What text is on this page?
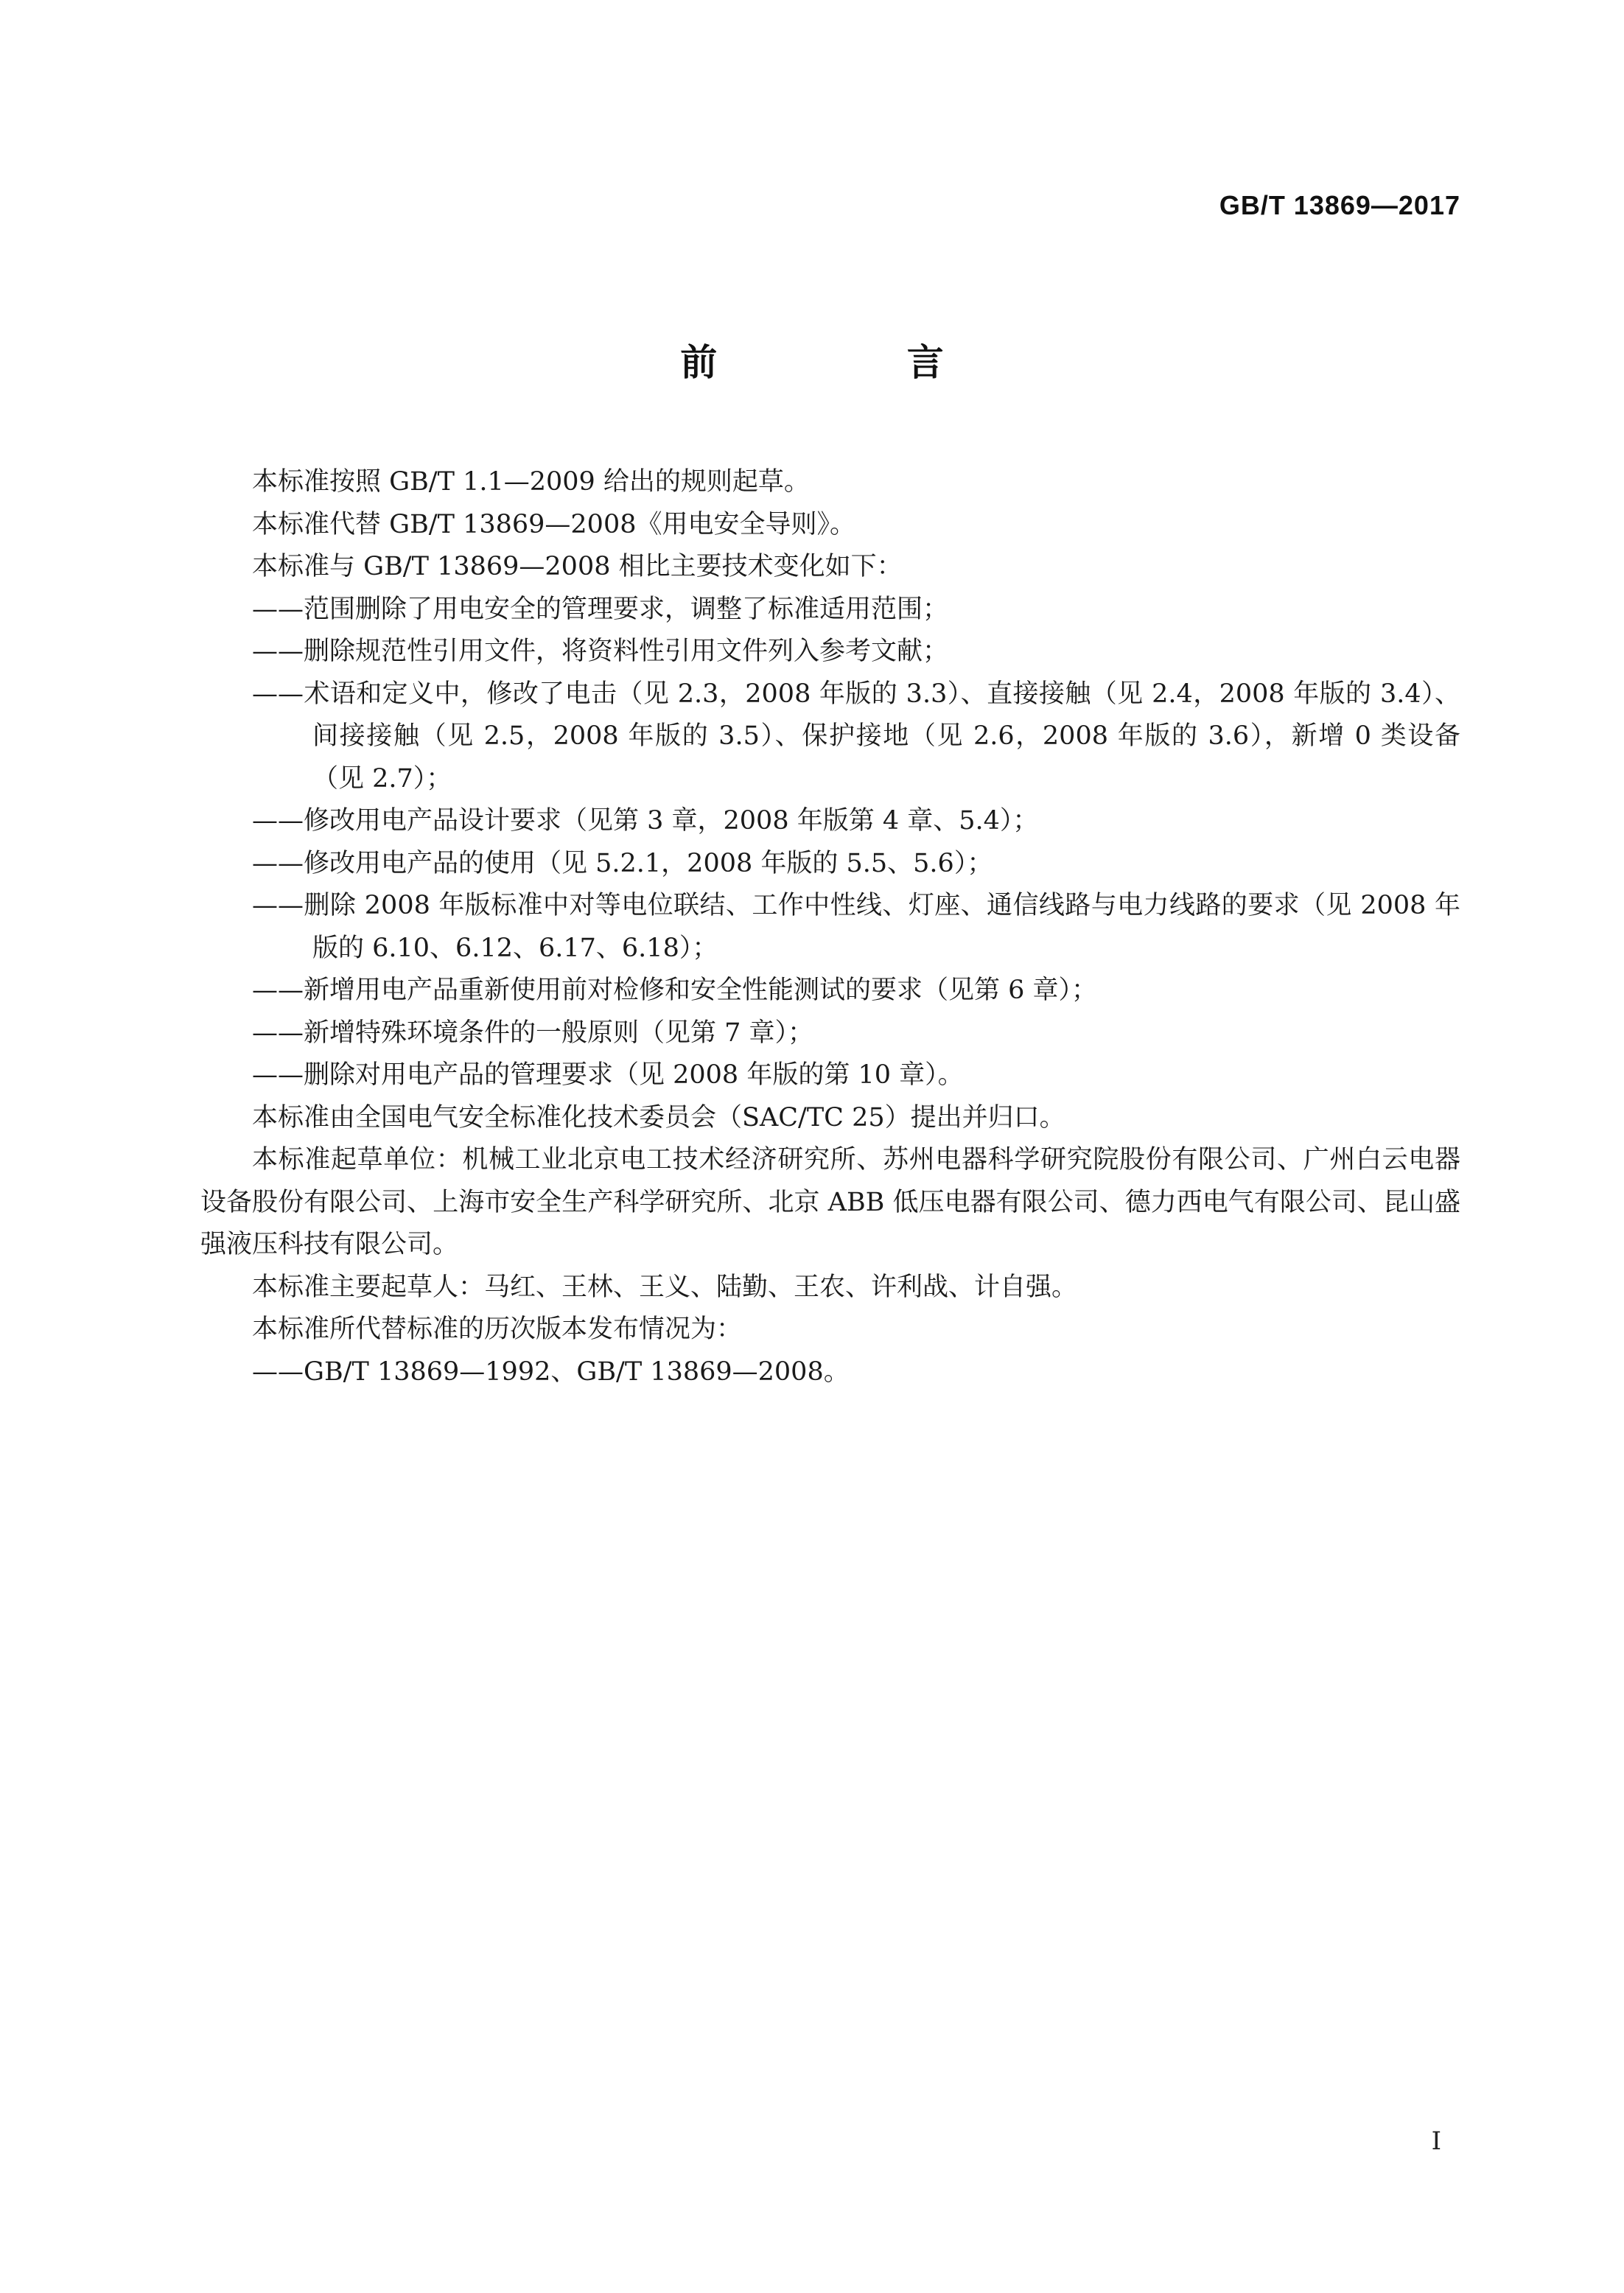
GB/T 13869—2017
前 言

本标准按照 GB/T 1.1—2009 给出的规则起草。

本标准代替 GB/T 13869—2008《用电安全导则》。

本标准与 GB/T 13869—2008 相比主要技术变化如下：

——范围删除了用电安全的管理要求，调整了标准适用范围；

——删除规范性引用文件，将资料性引用文件列入参考文献；

——术语和定义中，修改了电击（见 2.3，2008 年版的 3.3）、直接接触（见 2.4，2008 年版的 3.4）、间接接触（见 2.5，2008 年版的 3.5）、保护接地（见 2.6，2008 年版的 3.6），新增 0 类设备（见 2.7）；

——修改用电产品设计要求（见第 3 章，2008 年版第 4 章、5.4）；

——修改用电产品的使用（见 5.2.1，2008 年版的 5.5、5.6）；

——删除 2008 年版标准中对等电位联结、工作中性线、灯座、通信线路与电力线路的要求（见 2008 年版的 6.10、6.12、6.17、6.18）；

——新增用电产品重新使用前对检修和安全性能测试的要求（见第 6 章）；

——新增特殊环境条件的一般原则（见第 7 章）；

——删除对用电产品的管理要求（见 2008 年版的第 10 章）。

本标准由全国电气安全标准化技术委员会（SAC/TC 25）提出并归口。

本标准起草单位：机械工业北京电工技术经济研究所、苏州电器科学研究院股份有限公司、广州白云电器设备股份有限公司、上海市安全生产科学研究所、北京 ABB 低压电器有限公司、德力西电气有限公司、昆山盛强液压科技有限公司。

本标准主要起草人：马红、王林、王义、陆勤、王农、许利战、计自强。

本标准所代替标准的历次版本发布情况为：

——GB/T 13869—1992、GB/T 13869—2008。

I
